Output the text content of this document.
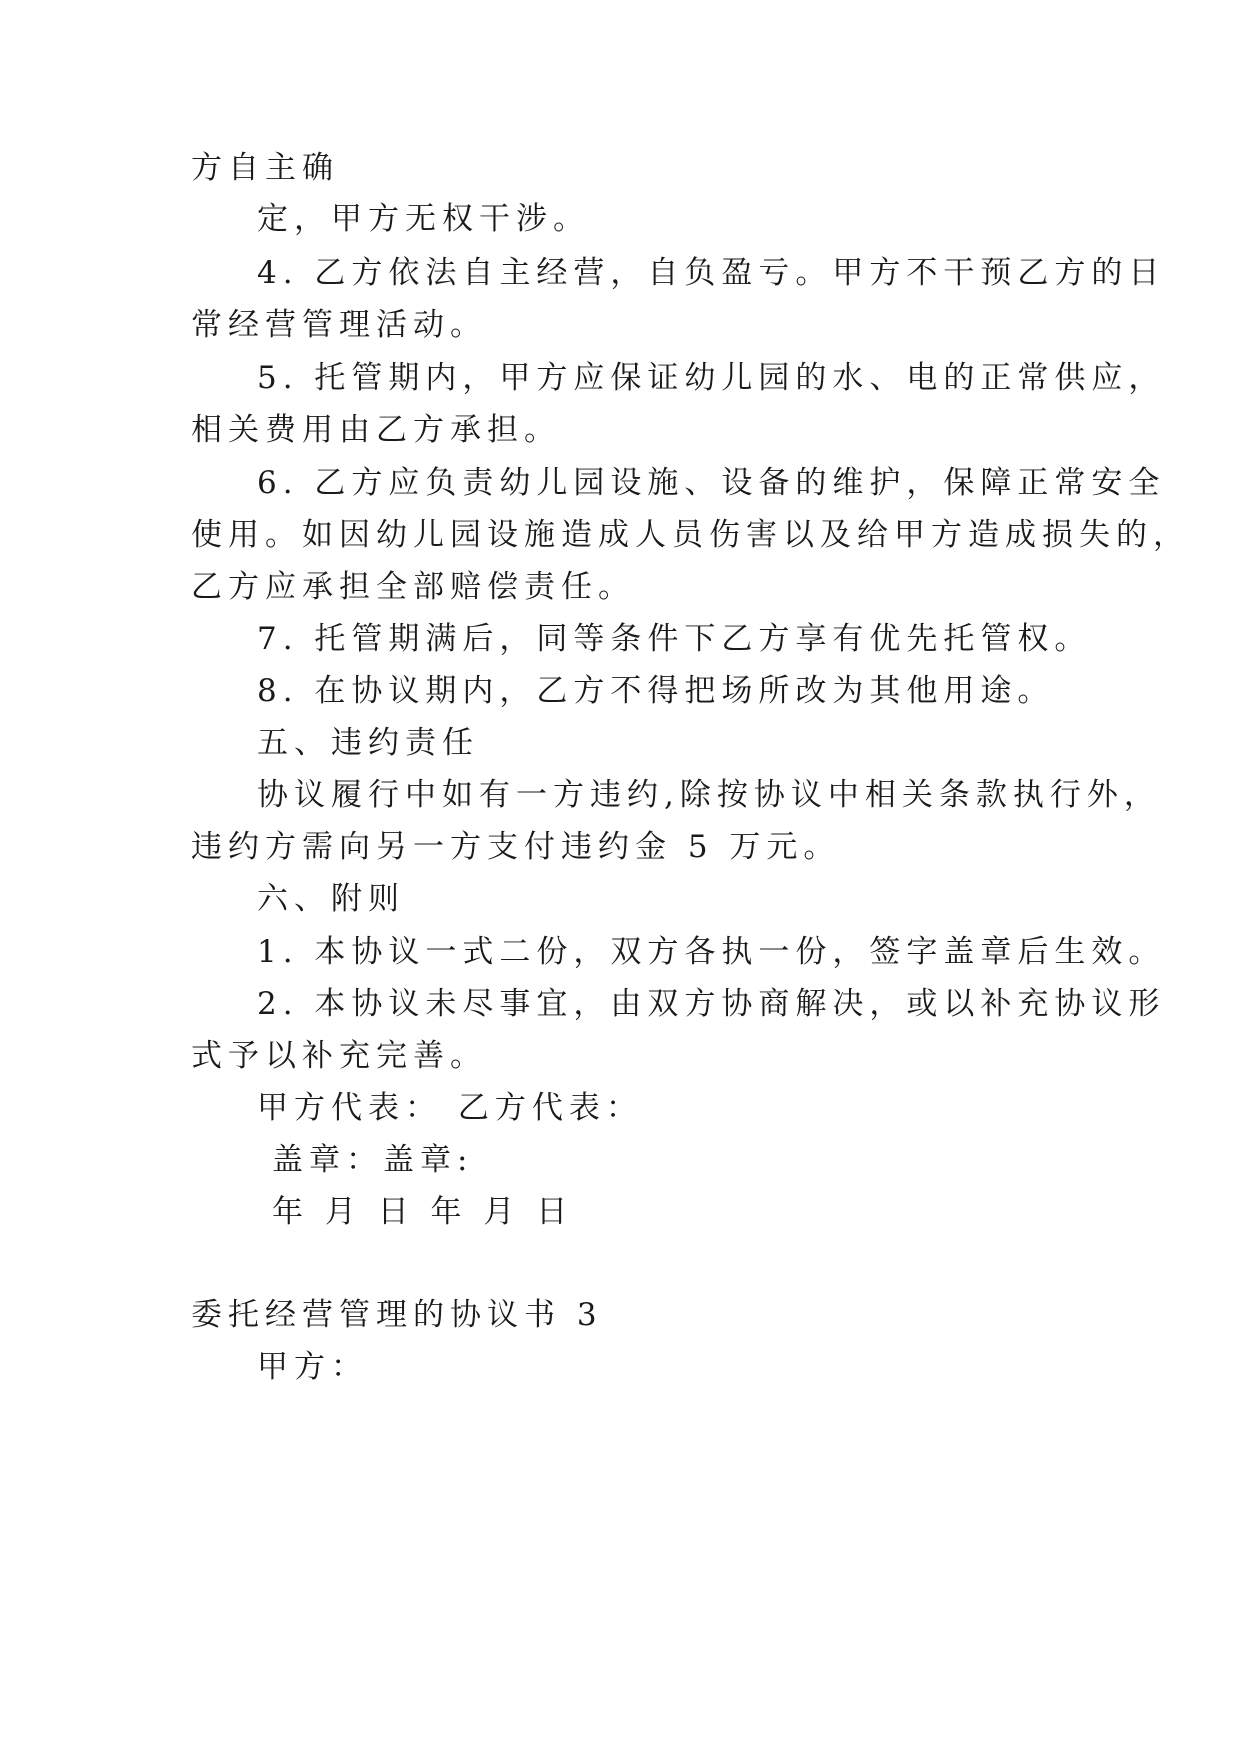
方自主确
定，甲方无权干涉。
4. 乙方依法自主经营，自负盈亏。甲方不干预乙方的日
常经营管理活动。
5. 托管期内，甲方应保证幼儿园的水、电的正常供应，
相关费用由乙方承担。
6. 乙方应负责幼儿园设施、设备的维护，保障正常安全
使用。如因幼儿园设施造成人员伤害以及给甲方造成损失的，
乙方应承担全部赔偿责任。
7. 托管期满后，同等条件下乙方享有优先托管权。
8. 在协议期内，乙方不得把场所改为其他用途。
五、违约责任
协议履行中如有一方违约,除按协议中相关条款执行外，
违约方需向另一方支付违约金 5 万元。
六、附则
1. 本协议一式二份，双方各执一份，签字盖章后生效。
2. 本协议未尽事宜，由双方协商解决，或以补充协议形
式予以补充完善。
甲方代表： 乙方代表：
盖章：盖章:
年 月 日 年 月 日
委托经营管理的协议书 3
甲方：
